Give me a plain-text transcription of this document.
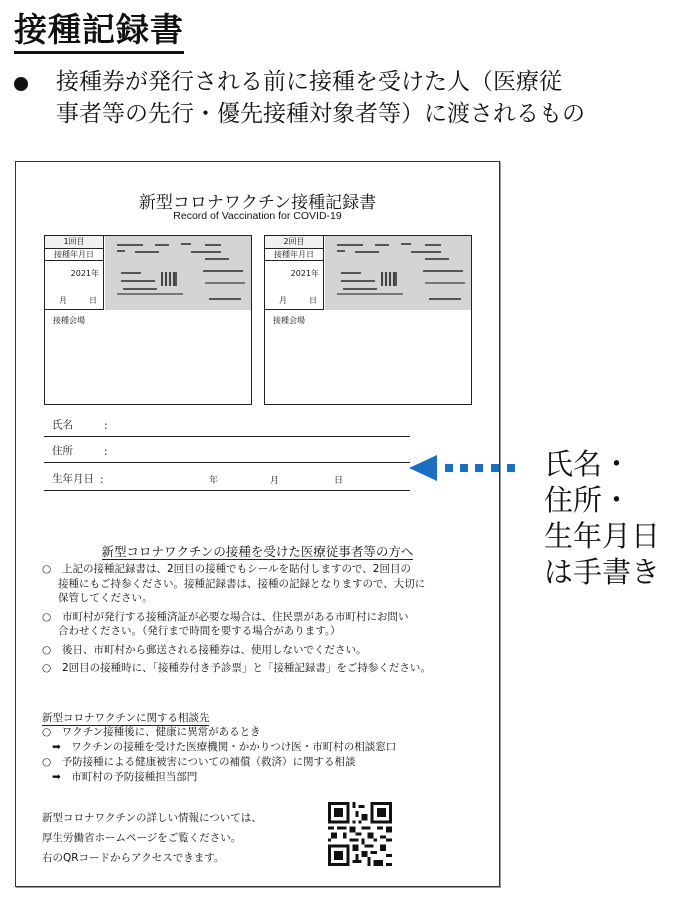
接種記録書
接種券が発行される前に接種を受けた人（医療従
事者等の先行・優先接種対象者等）に渡されるもの
新型コロナワクチン接種記録書
Record of Vaccination for COVID-19
1回目
接種年月日
2021年
月	日
接種会場
2回目
接種年月日
2021年
月	日
接種会場
氏名	:
住所	:
生年月日 :	年	月	日
新型コロナワクチンの接種を受けた医療従事者等の方へ
○	上記の接種記録書は、2回目の接種でもシールを貼付しますので、2回目の
接種にもご持参ください。接種記録書は、接種の記録となりますので、大切に
保管してください。
○	市町村が発行する接種済証が必要な場合は、住民票がある市町村にお問い
合わせください。（発行まで時間を要する場合があります。）
○	後日、市町村から郵送される接種券は、使用しないでください。
○	2回目の接種時に、「接種券付き予診票」と「接種記録書」をご持参ください。
新型コロナワクチンに関する相談先
○　ワクチン接種後に、健康に異常があるとき
➡　ワクチンの接種を受けた医療機関・かかりつけ医・市町村の相談窓口
○　予防接種による健康被害についての補償（救済）に関する相談
➡　市町村の予防接種担当部門
新型コロナワクチンの詳しい情報については、
厚生労働省ホームページをご覧ください。
右のQRコードからアクセスできます。
氏名・
住所・
生年月日
は手書き
